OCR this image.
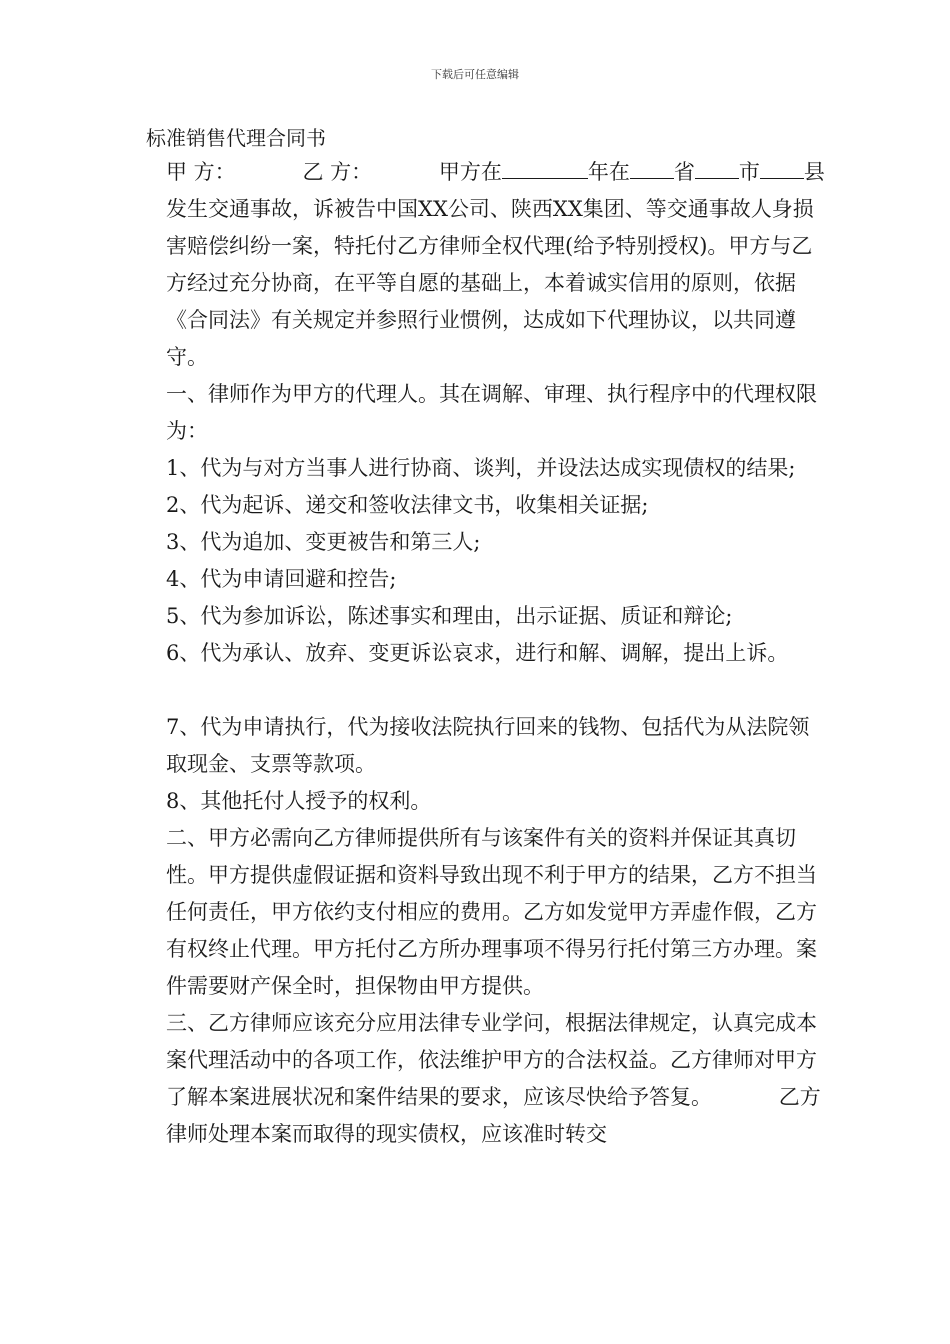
下载后可任意编辑
标准销售代理合同书

甲 方：	乙 方：	甲方在	年在 省 市 县发生交通事故，诉被告中国XX公司、陕西XX集团、等交通事故人身损害赔偿纠纷一案，特托付乙方律师全权代理(给予特别授权)。甲方与乙方经过充分协商，在平等自愿的基础上，本着诚实信用的原则，依据《合同法》有关规定并参照行业惯例，达成如下代理协议，以共同遵守。

一、律师作为甲方的代理人。其在调解、审理、执行程序中的代理权限为：

1、代为与对方当事人进行协商、谈判，并设法达成实现债权的结果;

2、代为起诉、递交和签收法律文书，收集相关证据;

3、代为追加、变更被告和第三人;

4、代为申请回避和控告;

5、代为参加诉讼，陈述事实和理由，出示证据、质证和辩论;

6、代为承认、放弃、变更诉讼哀求，进行和解、调解，提出上诉。

7、代为申请执行，代为接收法院执行回来的钱物、包括代为从法院领取现金、支票等款项。

8、其他托付人授予的权利。

二、甲方必需向乙方律师提供所有与该案件有关的资料并保证其真切性。甲方提供虚假证据和资料导致出现不利于甲方的结果，乙方不担当任何责任，甲方依约支付相应的费用。乙方如发觉甲方弄虚作假，乙方有权终止代理。甲方托付乙方所办理事项不得另行托付第三方办理。案件需要财产保全时，担保物由甲方提供。

三、乙方律师应该充分应用法律专业学问，根据法律规定，认真完成本案代理活动中的各项工作，依法维护甲方的合法权益。乙方律师对甲方了解本案进展状况和案件结果的要求，应该尽快给予答复。	乙方律师处理本案而取得的现实债权，应该准时转交
